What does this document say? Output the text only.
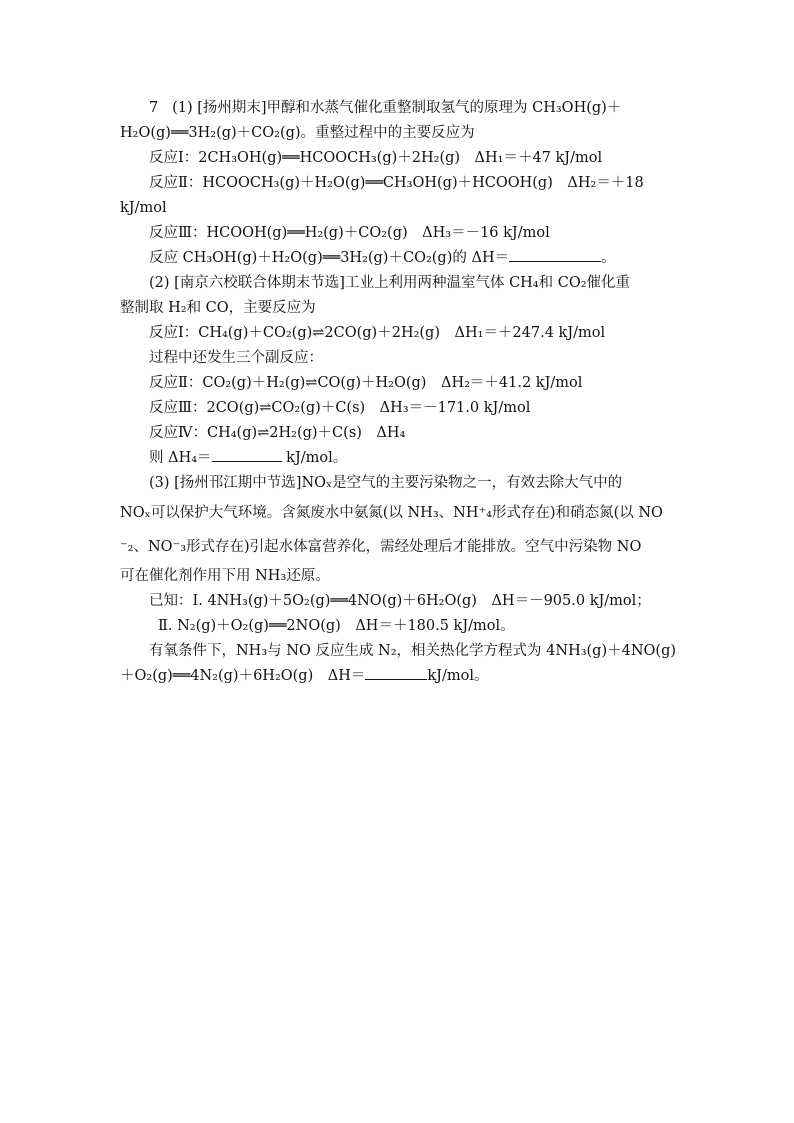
7 (1) [扬州期末]甲醇和水蒸气催化重整制取氢气的原理为 CH₃OH(g)＋
H₂O(g)══3H₂(g)＋CO₂(g)。重整过程中的主要反应为
反应Ⅰ：2CH₃OH(g)══HCOOCH₃(g)＋2H₂(g)　ΔH₁＝＋47 kJ/mol
反应Ⅱ：HCOOCH₃(g)＋H₂O(g)══CH₃OH(g)＋HCOOH(g)　ΔH₂＝＋18
kJ/mol
反应Ⅲ：HCOOH(g)══H₂(g)＋CO₂(g)　ΔH₃＝－16 kJ/mol
反应 CH₃OH(g)＋H₂O(g)══3H₂(g)＋CO₂(g)的 ΔH＝	。
(2) [南京六校联合体期末节选]工业上利用两种温室气体 CH₄和 CO₂催化重
整制取 H₂和 CO，主要反应为
反应Ⅰ：CH₄(g)＋CO₂(g)⇌2CO(g)＋2H₂(g)　ΔH₁＝＋247.4 kJ/mol
过程中还发生三个副反应：
反应Ⅱ：CO₂(g)＋H₂(g)⇌CO(g)＋H₂O(g)　ΔH₂＝＋41.2 kJ/mol
反应Ⅲ：2CO(g)⇌CO₂(g)＋C(s)　ΔH₃＝－171.0 kJ/mol
反应Ⅳ：CH₄(g)⇌2H₂(g)＋C(s)　ΔH₄
则 ΔH₄＝	kJ/mol。
(3) [扬州邗江期中节选]NOₓ是空气的主要污染物之一，有效去除大气中的
NOₓ可以保护大气环境。含氮废水中氨氮(以 NH₃、NH⁺₄形式存在)和硝态氮(以 NO
⁻₂、NO⁻₃形式存在)引起水体富营养化，需经处理后才能排放。空气中污染物 NO
可在催化剂作用下用 NH₃还原。
已知：Ⅰ. 4NH₃(g)＋5O₂(g)══4NO(g)＋6H₂O(g)　ΔH＝－905.0 kJ/mol；
Ⅱ. N₂(g)＋O₂(g)══2NO(g)　ΔH＝＋180.5 kJ/mol。
有氧条件下，NH₃与 NO 反应生成 N₂，相关热化学方程式为 4NH₃(g)＋4NO(g)
＋O₂(g)══4N₂(g)＋6H₂O(g)　ΔH＝	kJ/mol。
